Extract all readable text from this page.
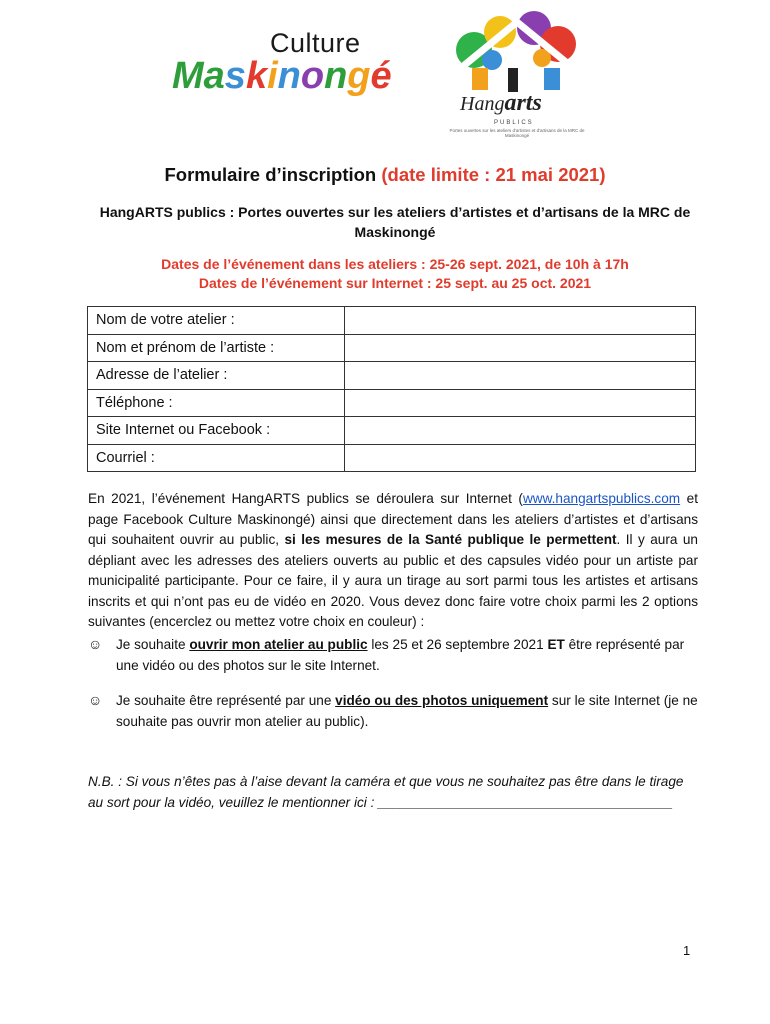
Culture
Maskinongé
Hangarts
PUBLICS
Portes ouvertes sur les ateliers d'artistes et d'artisans de la MRC de Maskinongé
Formulaire d’inscription (date limite : 21 mai 2021)
HangARTS publics : Portes ouvertes sur les ateliers d’artistes et d’artisans de la MRC de Maskinongé
Dates de l’événement dans les ateliers : 25-26 sept. 2021, de 10h à 17h
Dates de l’événement sur Internet : 25 sept. au 25 oct. 2021
Nom de votre atelier :	
Nom et prénom de l’artiste :	
Adresse de l’atelier :	
Téléphone :	
Site Internet ou Facebook :	
Courriel :	
En 2021, l’événement HangARTS publics se déroulera sur Internet (www.hangartspublics.com et page Facebook Culture Maskinongé) ainsi que directement dans les ateliers d’artistes et d’artisans qui souhaitent ouvrir au public, si les mesures de la Santé publique le permettent. Il y aura un dépliant avec les adresses des ateliers ouverts au public et des capsules vidéo pour un artiste par municipalité participante. Pour ce faire, il y aura un tirage au sort parmi tous les artistes et artisans inscrits et qui n’ont pas eu de vidéo en 2020. Vous devez donc faire votre choix parmi les 2 options suivantes (encerclez ou mettez votre choix en couleur) :
☺ Je souhaite ouvrir mon atelier au public les 25 et 26 septembre 2021 ET être représenté par une vidéo ou des photos sur le site Internet.
☺ Je souhaite être représenté par une vidéo ou des photos uniquement sur le site Internet (je ne souhaite pas ouvrir mon atelier au public).
N.B. : Si vous n’êtes pas à l’aise devant la caméra et que vous ne souhaitez pas être dans le tirage au sort pour la vidéo, veuillez le mentionner ici : _______________________________________
1
